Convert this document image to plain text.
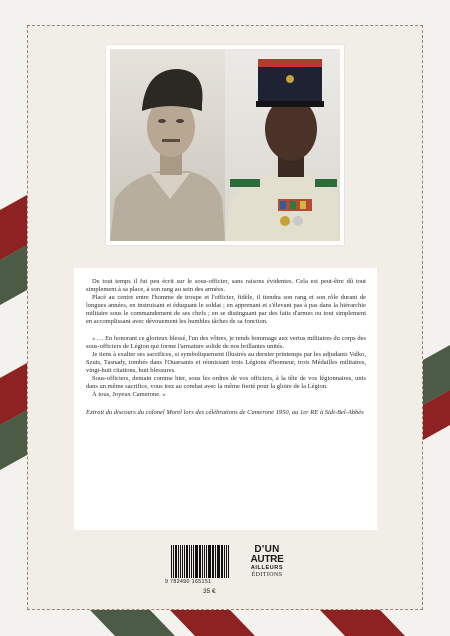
De tout temps il fut peu écrit sur le sous-officier, sans raisons évidentes. Cela est peut-être dû tout simplement à sa place, à son rang au sein des armées.

Placé au centre entre l'homme de troupe et l'officier, fidèle, il tiendra son rang et son rôle durant de longues années, en instruisant et éduquant le soldat ; en apprenant et s'élevant pas à pas dans la hiérarchie militaire sous le commandement de ses chefs ; en se distinguant par des faits d'armes ou tout simplement en accomplissant avec dévouement les humbles tâches de sa fonction.

« … En honorant ce glorieux blessé, l'un des vôtres, je rends hommage aux vertus militaires du corps des sous-officiers de Légion qui forme l'armature solide de nos brillantes unités.

Je tiens à exalter ses sacrifices, si symboliquement illustrés au dernier printemps par les adjudants Valko, Szuts, Tasnady, tombés dans l'Ouarsanis et réunissant trois Légions d'honneur, trois Médailles militaires, vingt-huit citations, huit blessures.

Sous-officiers, demain comme hier, sous les ordres de vos officiers, à la tête de vos légionnaires, unis dans un même sacrifice, vous irez au combat avec la même fierté pour la gloire de la Légion.

À tous, Joyeux Camerone. »

Extrait du discours du colonel Morel lors des célébrations de Camerone 1950, au 1er RE à Sidi-Bel-Abbès

9 782490 165151
35 €
D'UN
AUTRE
AILLEURS
ÉDITIONS
